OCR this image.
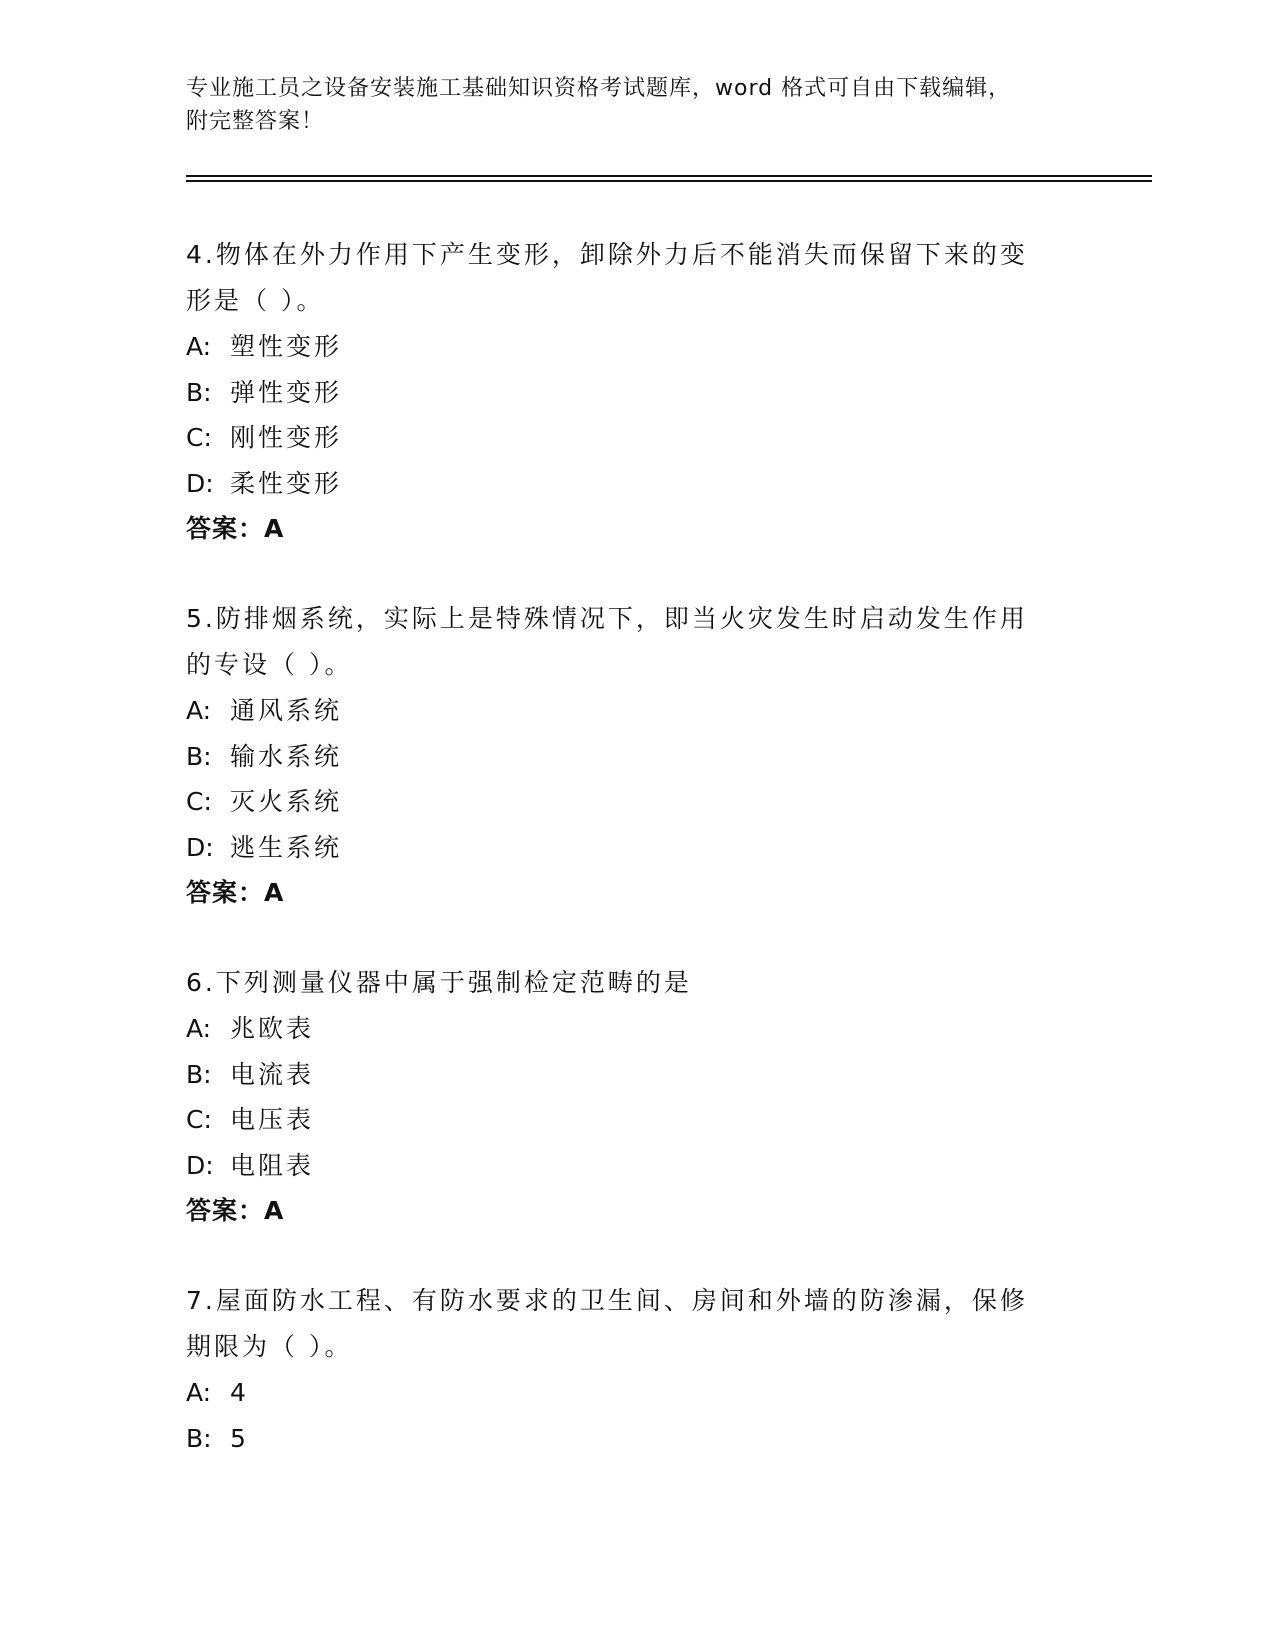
专业施工员之设备安装施工基础知识资格考试题库，word 格式可自由下载编辑，
附完整答案！

4.物体在外力作用下产生变形，卸除外力后不能消失而保留下来的变
形是（ ）。

A: 塑性变形

B: 弹性变形

C: 刚性变形

D: 柔性变形

答案：A

5.防排烟系统，实际上是特殊情况下，即当火灾发生时启动发生作用
的专设（ ）。

A: 通风系统

B: 输水系统

C: 灭火系统

D: 逃生系统

答案：A

6.下列测量仪器中属于强制检定范畴的是

A: 兆欧表

B: 电流表

C: 电压表

D: 电阻表

答案：A

7.屋面防水工程、有防水要求的卫生间、房间和外墙的防渗漏，保修
期限为（ ）。

A: 4

B: 5
